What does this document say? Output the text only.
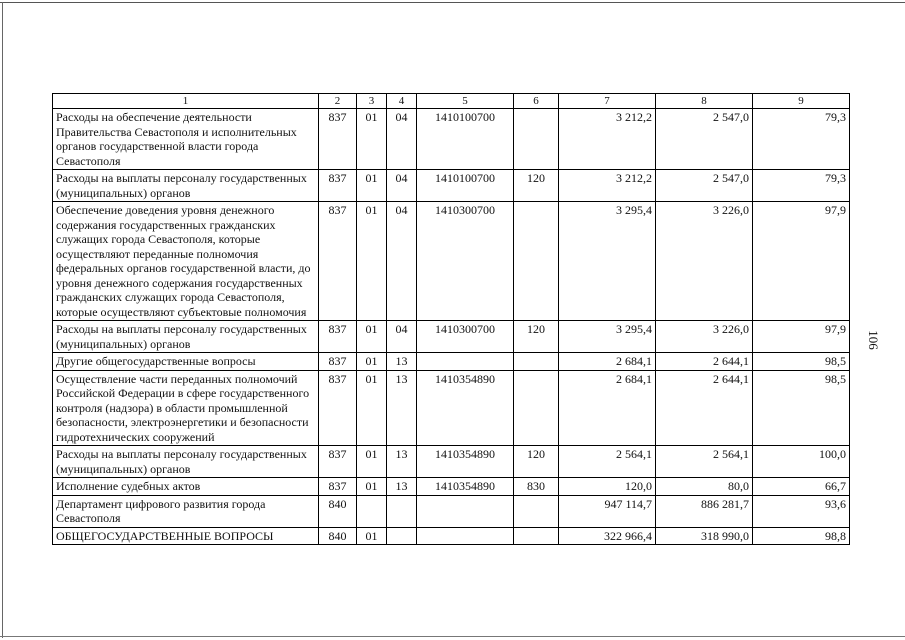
106
1	2	3	4	5	6	7	8	9
Расходы на обеспечение деятельности Правительства Севастополя и исполнительных органов государственной власти города Севастополя	837	01	04	1410100700		3 212,2	2 547,0	79,3
Расходы на выплаты персоналу государственных (муниципальных) органов	837	01	04	1410100700	120	3 212,2	2 547,0	79,3
Обеспечение доведения уровня денежного содержания государственных гражданских служащих города Севастополя, которые осуществляют переданные полномочия федеральных органов государственной власти, до уровня денежного содержания государственных гражданских служащих города Севастополя, которые осуществляют субъектовые полномочия	837	01	04	1410300700		3 295,4	3 226,0	97,9
Расходы на выплаты персоналу государственных (муниципальных) органов	837	01	04	1410300700	120	3 295,4	3 226,0	97,9
Другие общегосударственные вопросы	837	01	13			2 684,1	2 644,1	98,5
Осуществление части переданных полномочий Российской Федерации в сфере государственного контроля (надзора) в области промышленной безопасности, электроэнергетики и безопасности гидротехнических сооружений	837	01	13	1410354890		2 684,1	2 644,1	98,5
Расходы на выплаты персоналу государственных (муниципальных) органов	837	01	13	1410354890	120	2 564,1	2 564,1	100,0
Исполнение судебных актов	837	01	13	1410354890	830	120,0	80,0	66,7
Департамент цифрового развития города Севастополя	840					947 114,7	886 281,7	93,6
ОБЩЕГОСУДАРСТВЕННЫЕ ВОПРОСЫ	840	01				322 966,4	318 990,0	98,8
